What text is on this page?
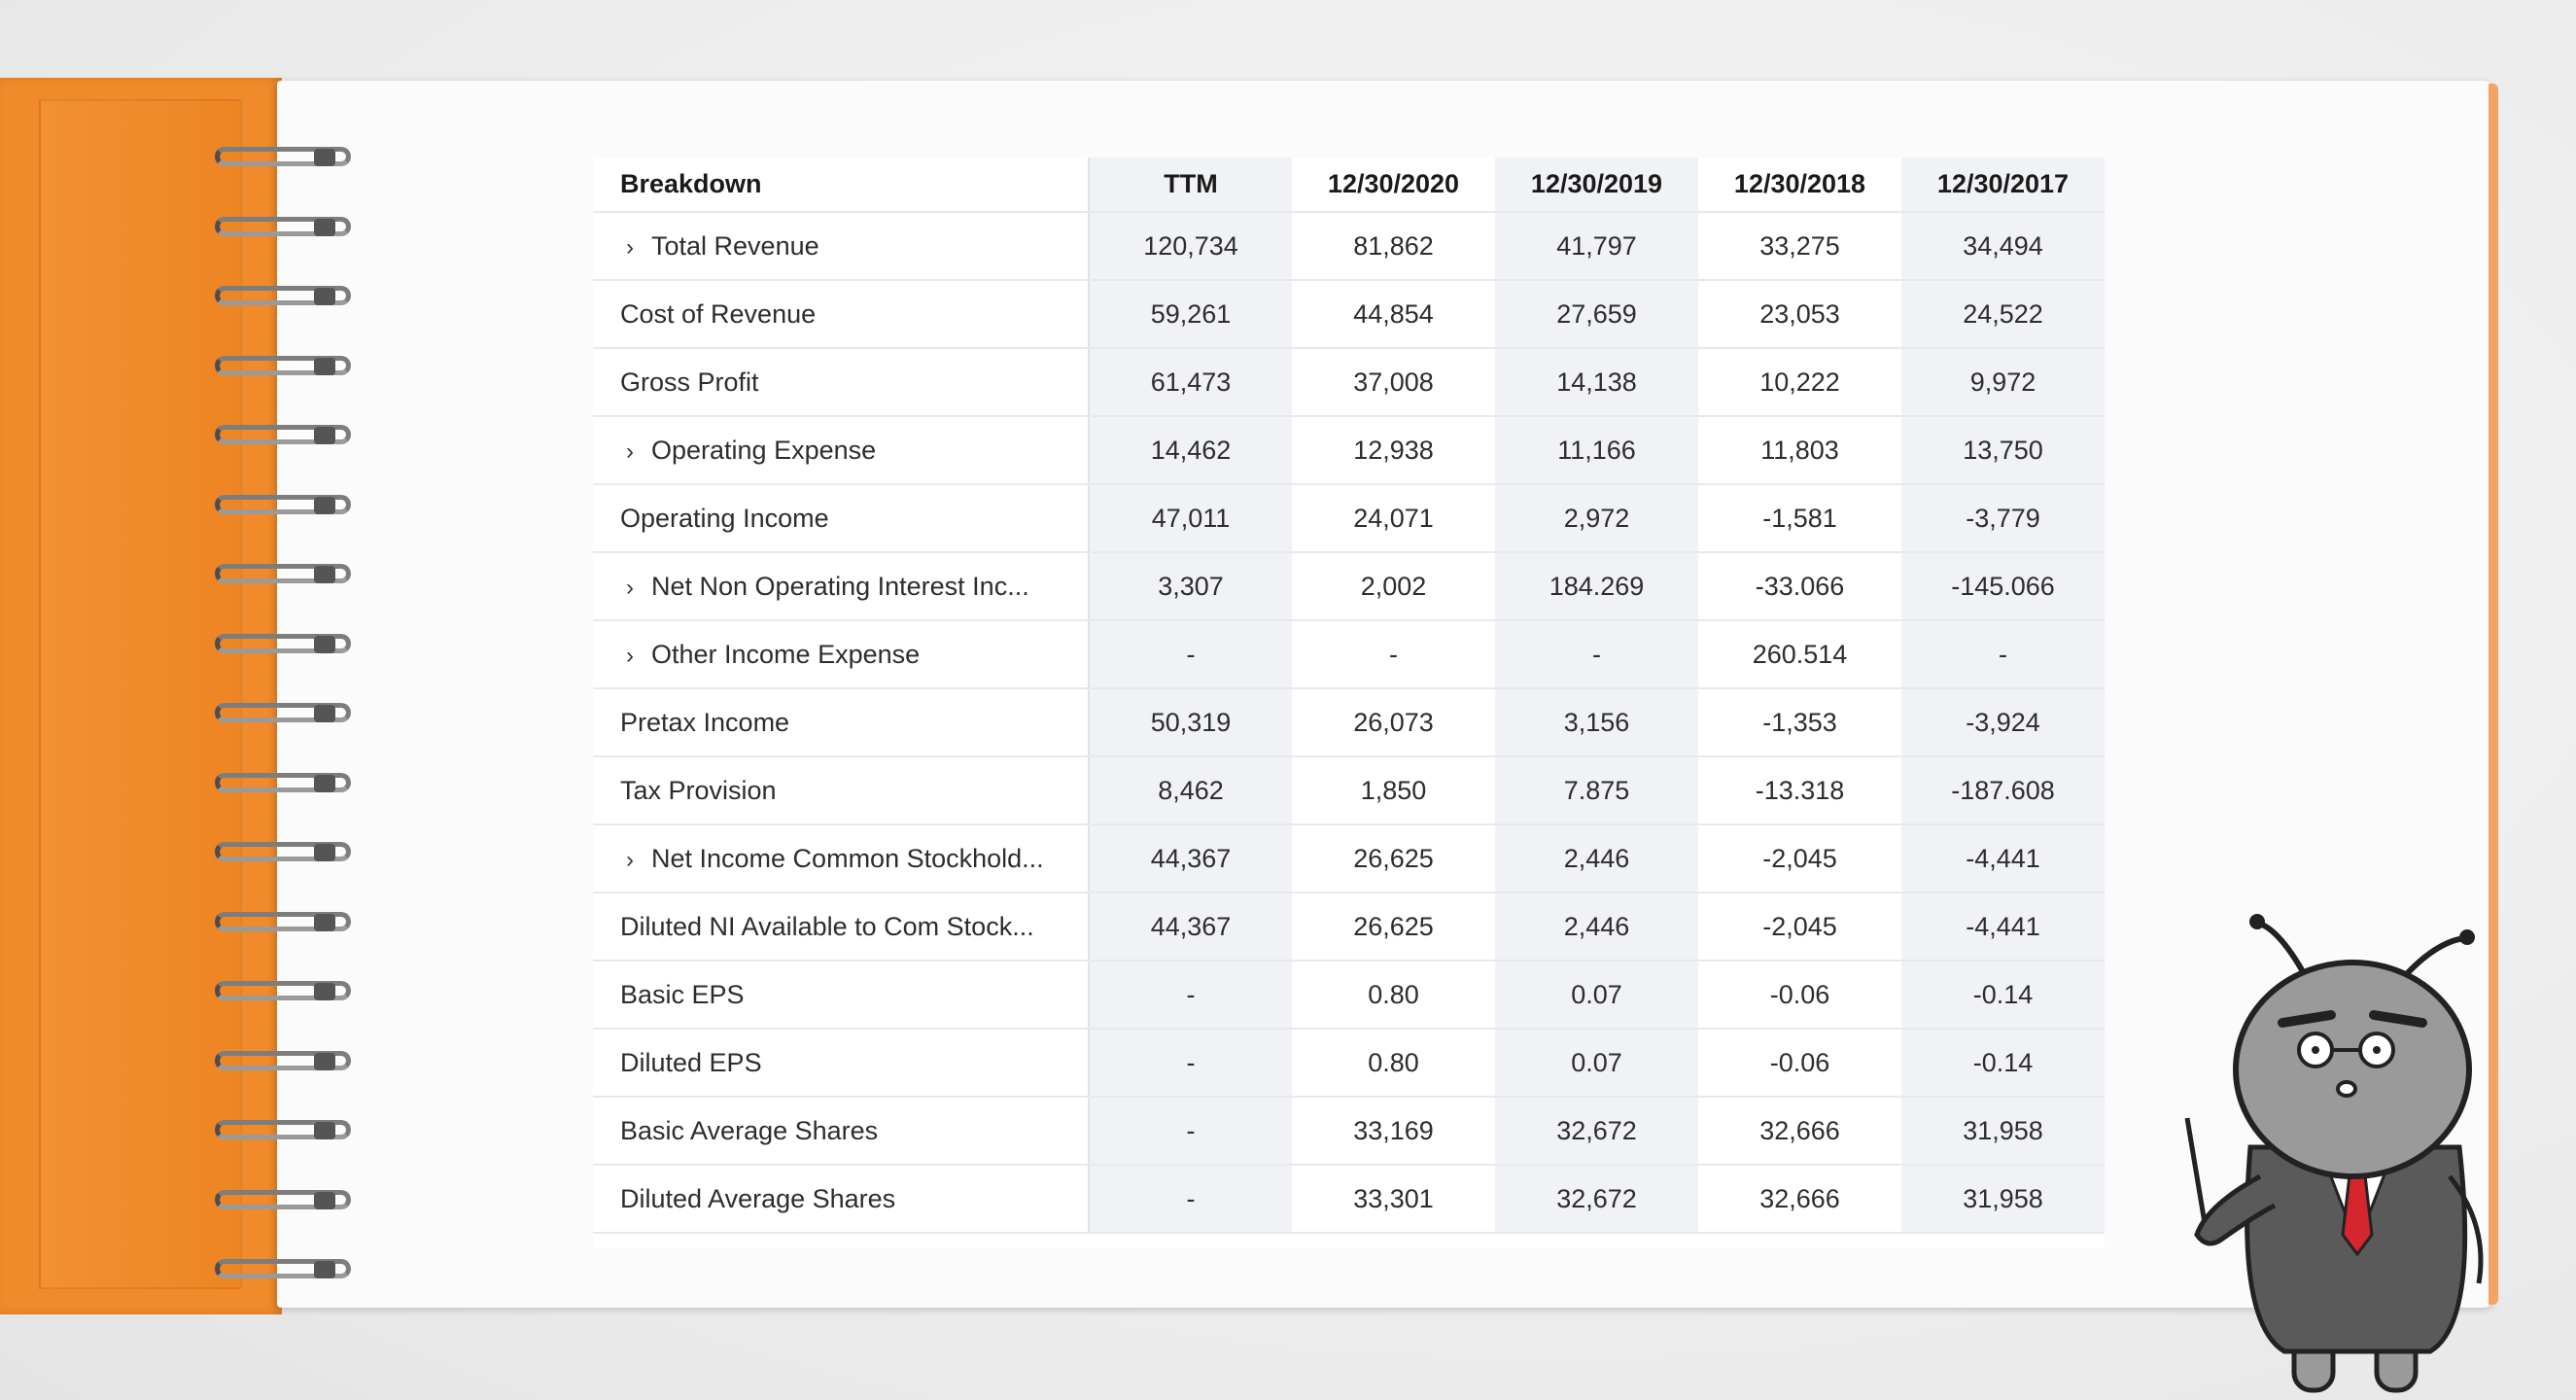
Breakdown	TTM	12/30/2020	12/30/2019	12/30/2018	12/30/2017
› Total Revenue	120,734	81,862	41,797	33,275	34,494
Cost of Revenue	59,261	44,854	27,659	23,053	24,522
Gross Profit	61,473	37,008	14,138	10,222	9,972
› Operating Expense	14,462	12,938	11,166	11,803	13,750
Operating Income	47,011	24,071	2,972	-1,581	-3,779
› Net Non Operating Interest Inc...	3,307	2,002	184.269	-33.066	-145.066
› Other Income Expense	-	-	-	260.514	-
Pretax Income	50,319	26,073	3,156	-1,353	-3,924
Tax Provision	8,462	1,850	7.875	-13.318	-187.608
› Net Income Common Stockhold...	44,367	26,625	2,446	-2,045	-4,441
Diluted NI Available to Com Stock...	44,367	26,625	2,446	-2,045	-4,441
Basic EPS	-	0.80	0.07	-0.06	-0.14
Diluted EPS	-	0.80	0.07	-0.06	-0.14
Basic Average Shares	-	33,169	32,672	32,666	31,958
Diluted Average Shares	-	33,301	32,672	32,666	31,958
